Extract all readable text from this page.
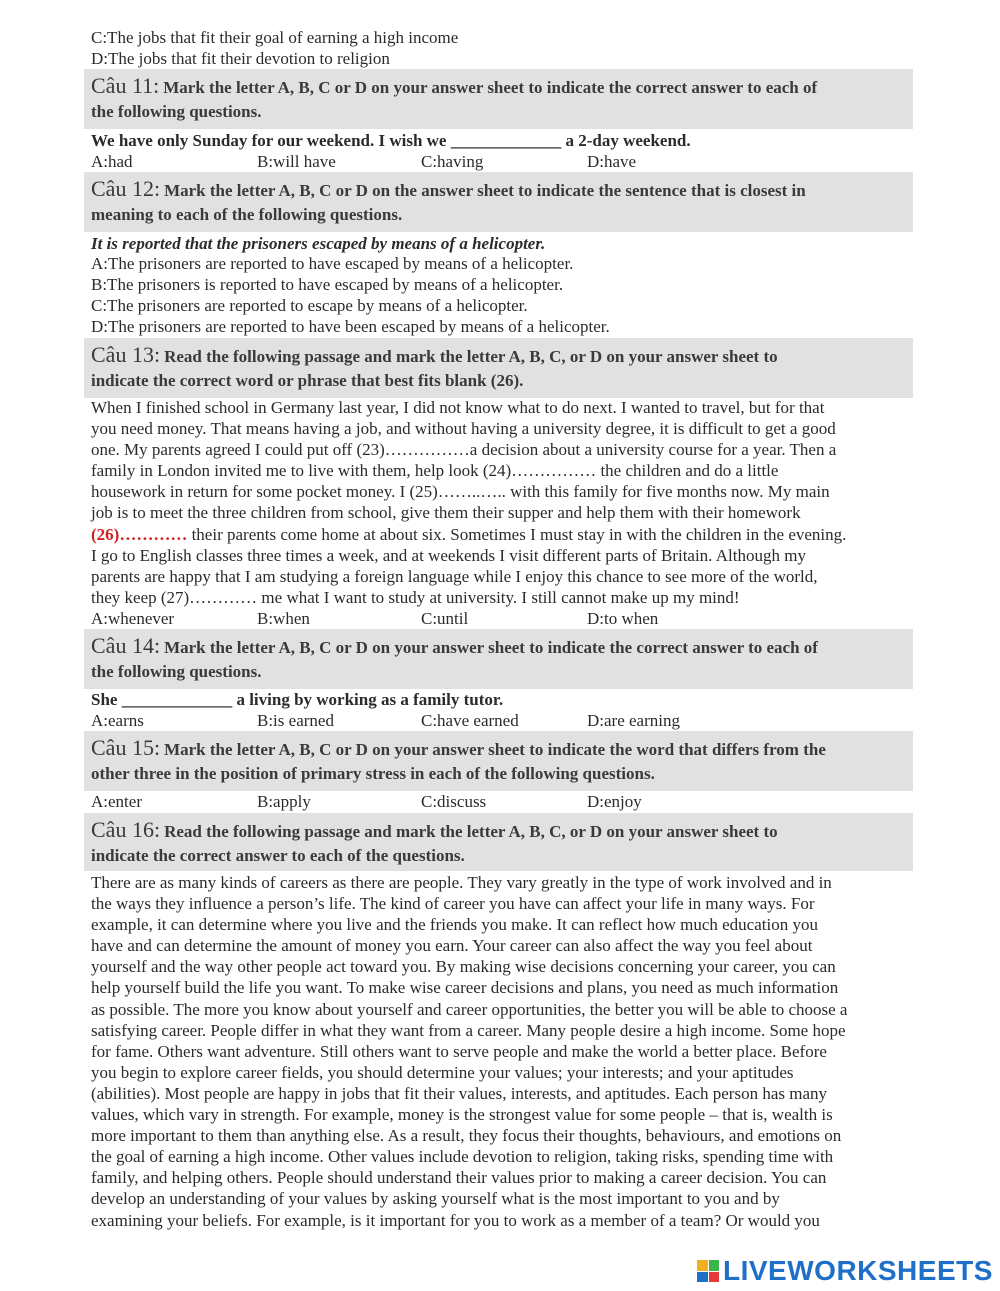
C:The jobs that fit their goal of earning a high income
D:The jobs that fit their devotion to religion
Câu 11: Mark the letter A, B, C or D on your answer sheet to indicate the correct answer to each of
the following questions.
We have only Sunday for our weekend. I wish we _____________ a 2-day weekend.
A:had	B:will have	C:having	D:have
Câu 12: Mark the letter A, B, C or D on the answer sheet to indicate the sentence that is closest in
meaning to each of the following questions.
It is reported that the prisoners escaped by means of a helicopter.
A:The prisoners are reported to have escaped by means of a helicopter.
B:The prisoners is reported to have escaped by means of a helicopter.
C:The prisoners are reported to escape by means of a helicopter.
D:The prisoners are reported to have been escaped by means of a helicopter.
Câu 13: Read the following passage and mark the letter A, B, C, or D on your answer sheet to
indicate the correct word or phrase that best fits blank (26).
When I finished school in Germany last year, I did not know what to do next. I wanted to travel, but for that
you need money. That means having a job, and without having a university degree, it is difficult to get a good
one. My parents agreed I could put off (23)……………a decision about a university course for a year. Then a
family in London invited me to live with them, help look (24)…………… the children and do a little
housework in return for some pocket money. I (25)……..….. with this family for five months now. My main
job is to meet the three children from school, give them their supper and help them with their homework
(26)………… their parents come home at about six. Sometimes I must stay in with the children in the evening.
I go to English classes three times a week, and at weekends I visit different parts of Britain. Although my
parents are happy that I am studying a foreign language while I enjoy this chance to see more of the world,
they keep (27)………… me what I want to study at university. I still cannot make up my mind!
A:whenever	B:when	C:until	D:to when
Câu 14: Mark the letter A, B, C or D on your answer sheet to indicate the correct answer to each of
the following questions.
She _____________ a living by working as a family tutor.
A:earns	B:is earned	C:have earned	D:are earning
Câu 15: Mark the letter A, B, C or D on your answer sheet to indicate the word that differs from the
other three in the position of primary stress in each of the following questions.
A:enter	B:apply	C:discuss	D:enjoy
Câu 16: Read the following passage and mark the letter A, B, C, or D on your answer sheet to
indicate the correct answer to each of the questions.
There are as many kinds of careers as there are people. They vary greatly in the type of work involved and in
the ways they influence a person’s life. The kind of career you have can affect your life in many ways. For
example, it can determine where you live and the friends you make. It can reflect how much education you
have and can determine the amount of money you earn. Your career can also affect the way you feel about
yourself and the way other people act toward you. By making wise decisions concerning your career, you can
help yourself build the life you want. To make wise career decisions and plans, you need as much information
as possible. The more you know about yourself and career opportunities, the better you will be able to choose a
satisfying career. People differ in what they want from a career. Many people desire a high income. Some hope
for fame. Others want adventure. Still others want to serve people and make the world a better place. Before
you begin to explore career fields, you should determine your values; your interests; and your aptitudes
(abilities). Most people are happy in jobs that fit their values, interests, and aptitudes. Each person has many
values, which vary in strength. For example, money is the strongest value for some people – that is, wealth is
more important to them than anything else. As a result, they focus their thoughts, behaviours, and emotions on
the goal of earning a high income. Other values include devotion to religion, taking risks, spending time with
family, and helping others. People should understand their values prior to making a career decision. You can
develop an understanding of your values by asking yourself what is the most important to you and by
examining your beliefs. For example, is it important for you to work as a member of a team? Or would you
LIVEWORKSHEETS
